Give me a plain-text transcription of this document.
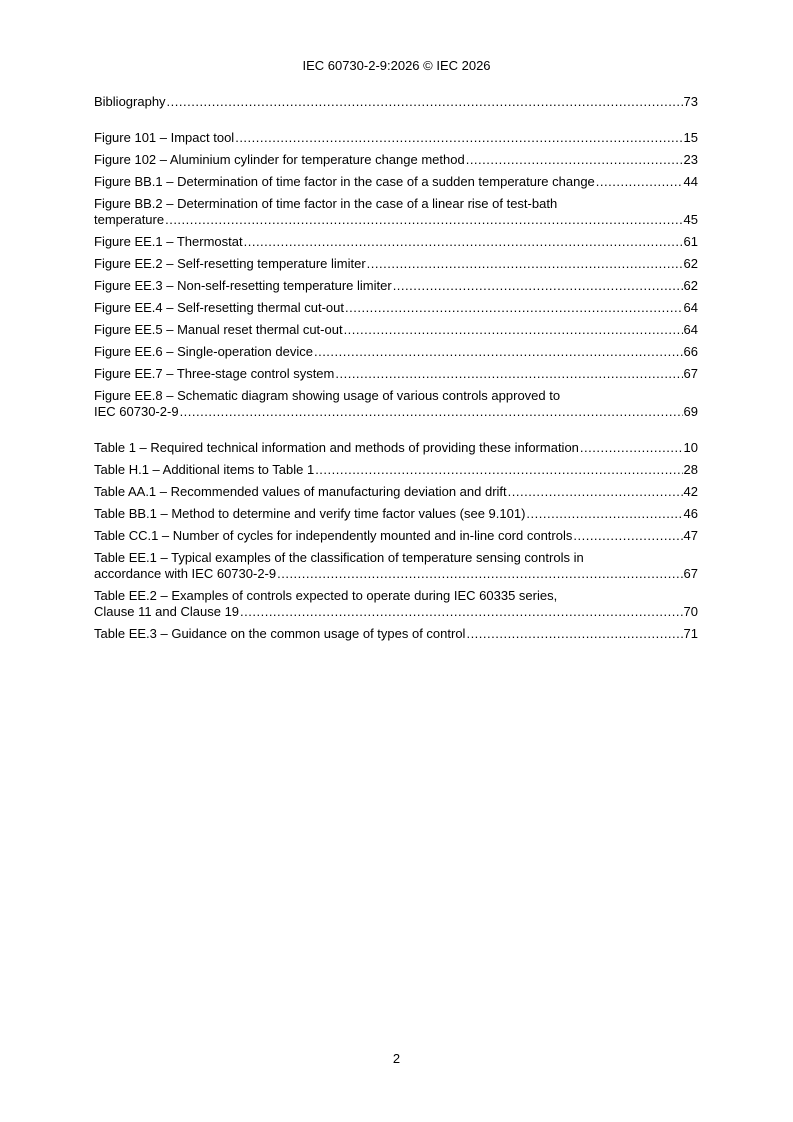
IEC 60730-2-9:2026 © IEC 2026
Bibliography .....	73
Figure 101 – Impact tool .....	15
Figure 102 – Aluminium cylinder for temperature change method .....	23
Figure BB.1 – Determination of time factor in the case of a sudden temperature change .....	44
Figure BB.2 – Determination of time factor in the case of a linear rise of test-bath
temperature .....	45
Figure EE.1 – Thermostat .....	61
Figure EE.2 – Self-resetting temperature limiter .....	62
Figure EE.3 – Non-self-resetting temperature limiter .....	62
Figure EE.4 – Self-resetting thermal cut-out .....	64
Figure EE.5 – Manual reset thermal cut-out .....	64
Figure EE.6 – Single-operation device .....	66
Figure EE.7 – Three-stage control system .....	67
Figure EE.8 – Schematic diagram showing usage of various controls approved to
IEC 60730-2-9 .....	69
Table 1 – Required technical information and methods of providing these information .....	10
Table H.1 – Additional items to Table 1 .....	28
Table AA.1 – Recommended values of manufacturing deviation and drift .....	42
Table BB.1 – Method to determine and verify time factor values (see 9.101) .....	46
Table CC.1 – Number of cycles for independently mounted and in-line cord controls .....	47
Table EE.1 – Typical examples of the classification of temperature sensing controls in
accordance with IEC 60730-2-9 .....	67
Table EE.2 – Examples of controls expected to operate during IEC 60335 series,
Clause 11 and Clause 19 .....	70
Table EE.3 – Guidance on the common usage of types of control .....	71
2
